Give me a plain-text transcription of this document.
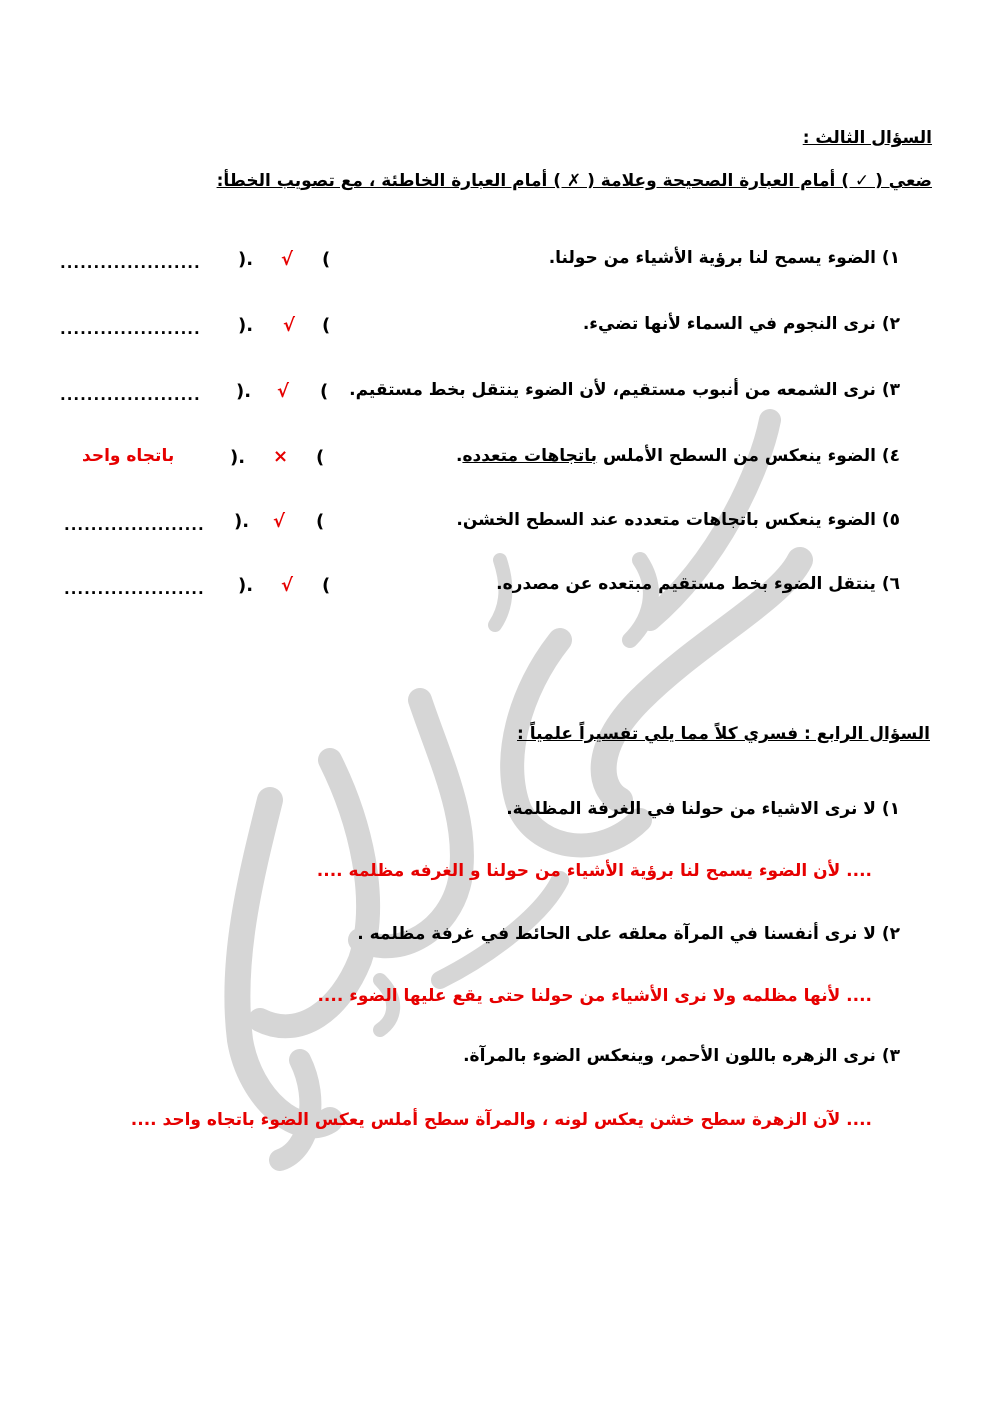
السؤال الثالث :
ضعي ( ✓ ) أمام العبارة الصحيحة وعلامة ( ✗ ) أمام العبارة الخاطئة ، مع تصويب الخطأ:
١) الضوء يسمح لنا برؤية الأشياء من حولنا.
(
√
).
.....................
٢) نرى النجوم في السماء لأنها تضيء.
(
√
).
.....................
٣) نرى الشمعه من أنبوب مستقيم، لأن الضوء ينتقل بخط مستقيم.
(
√
).
.....................
٤) الضوء ينعكس من السطح الأملس باتجاهات متعدده.
(
×
).
باتجاه واحد
٥) الضوء ينعكس باتجاهات متعدده عند السطح الخشن.
(
√
).
.....................
٦) ينتقل الضوء بخط مستقيم مبتعده عن مصدره.
(
√
).
.....................
السؤال الرابع : فسري كلاً مما يلي تفسيراً علمياً :
١) لا نرى الاشياء من حولنا في الغرفة المظلمة.
.... لأن الضوء يسمح لنا برؤية الأشياء من حولنا و الغرفه مظلمه ....
٢) لا نرى أنفسنا في المرآة معلقه على الحائط في غرفة مظلمه .
.... لأنها مظلمه ولا نرى الأشياء من حولنا حتى يقع عليها الضوء ....
٣) نرى الزهره باللون الأحمر، وينعكس الضوء بالمرآة.
.... لآن الزهرة سطح خشن يعكس لونه ، والمرآة سطح أملس يعكس الضوء باتجاه واحد ....
